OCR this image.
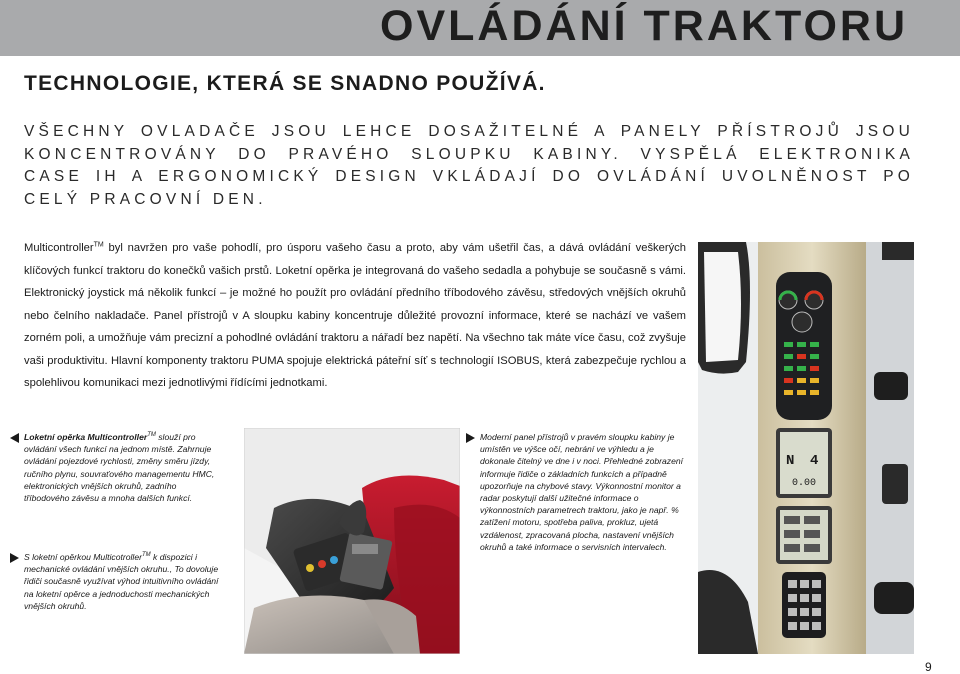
OVLÁDÁNÍ TRAKTORU
TECHNOLOGIE, KTERÁ SE SNADNO POUŽÍVÁ.

VŠECHNY OVLADAČE JSOU LEHCE DOSAŽITELNÉ A PANELY PŘÍSTROJŮ JSOU KONCENTROVÁNY DO PRAVÉHO SLOUPKU KABINY. VYSPĚLÁ ELEKTRONIKA CASE IH A ERGONOMICKÝ DESIGN VKLÁDAJÍ DO OVLÁDÁNÍ UVOLNĚNOST PO CELÝ PRACOVNÍ DEN.

Multicontroller™ byl navržen pro vaše pohodlí, pro úsporu vašeho času a proto, aby vám ušetřil čas, a dává ovládání veškerých klíčových funkcí traktoru do konečků vašich prstů. Loketní opěrka je integrovaná do vašeho sedadla a pohybuje se současně s vámi. Elektronický joystick má několik funkcí – je možné ho použít pro ovládání předního tříbodového závěsu, středových vnějších okruhů nebo čelního nakladače. Panel přístrojů v A sloupku kabiny koncentruje důležité provozní informace, které se nachází ve vašem zorném poli, a umožňuje vám precizní a pohodlné ovládání traktoru a nářadí bez napětí. Na všechno tak máte více času, což zvyšuje vaši produktivitu. Hlavní komponenty traktoru PUMA spojuje elektrická páteřní síť s technologií ISOBUS, která zabezpečuje rychlou a spolehlivou komunikaci mezi jednotlivými řídícími jednotkami.

Loketní opěrka Multicontroller™ slouží pro ovládání všech funkcí na jednom místě. Zahrnuje ovládání pojezdové rychlosti, změny směru jízdy, ručního plynu, souvraťového managementu HMC, elektronických vnějších okruhů, zadního tříbodového závěsu a mnoha dalších funkcí.

S loketní opěrkou Multicotroller™ k dispozici i mechanické ovládání vnějších okruhu., To dovoluje řidiči současně využívat výhod intuitivního ovládání na loketní opěrce a jednoduchosti mechanických vnějších okruhů.

Moderní panel přístrojů v pravém sloupku kabiny je umístěn ve výšce očí, nebrání ve výhledu a je dokonale čitelný ve dne i v noci. Přehledné zobrazení informuje řidiče o základních funkcích a případně upozorňuje na chybové stavy. Výkonnostní monitor a radar poskytují další užitečné informace o výkonnostních parametrech traktoru, jako je např. % zatížení motoru, spotřeba paliva, prokluz, ujetá vzdálenost, zpracovaná plocha, nastavení vnějších okruhů a také informace o servisních intervalech.

N 4
0.00
9
